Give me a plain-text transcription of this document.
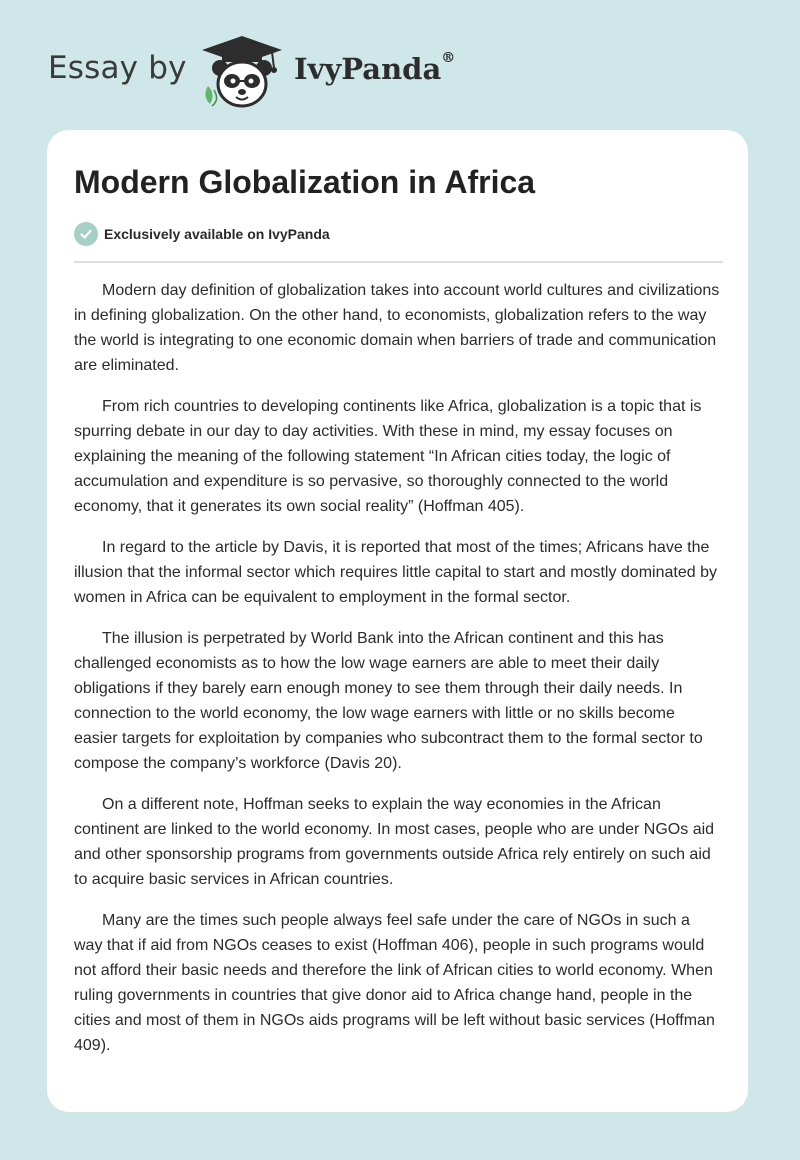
Essay by	IvyPanda®
Modern Globalization in Africa
Exclusively available on IvyPanda

Modern day definition of globalization takes into account world cultures and civilizations in defining globalization. On the other hand, to economists, globalization refers to the way the world is integrating to one economic domain when barriers of trade and communication are eliminated.

From rich countries to developing continents like Africa, globalization is a topic that is spurring debate in our day to day activities. With these in mind, my essay focuses on explaining the meaning of the following statement “In African cities today, the logic of accumulation and expenditure is so pervasive, so thoroughly connected to the world economy, that it generates its own social reality” (Hoffman 405).

In regard to the article by Davis, it is reported that most of the times; Africans have the illusion that the informal sector which requires little capital to start and mostly dominated by women in Africa can be equivalent to employment in the formal sector.

The illusion is perpetrated by World Bank into the African continent and this has challenged economists as to how the low wage earners are able to meet their daily obligations if they barely earn enough money to see them through their daily needs. In connection to the world economy, the low wage earners with little or no skills become easier targets for exploitation by companies who subcontract them to the formal sector to compose the company’s workforce (Davis 20).

On a different note, Hoffman seeks to explain the way economies in the African continent are linked to the world economy. In most cases, people who are under NGOs aid and other sponsorship programs from governments outside Africa rely entirely on such aid to acquire basic services in African countries.

Many are the times such people always feel safe under the care of NGOs in such a way that if aid from NGOs ceases to exist (Hoffman 406), people in such programs would not afford their basic needs and therefore the link of African cities to world economy. When ruling governments in countries that give donor aid to Africa change hand, people in the cities and most of them in NGOs aids programs will be left without basic services (Hoffman 409).
